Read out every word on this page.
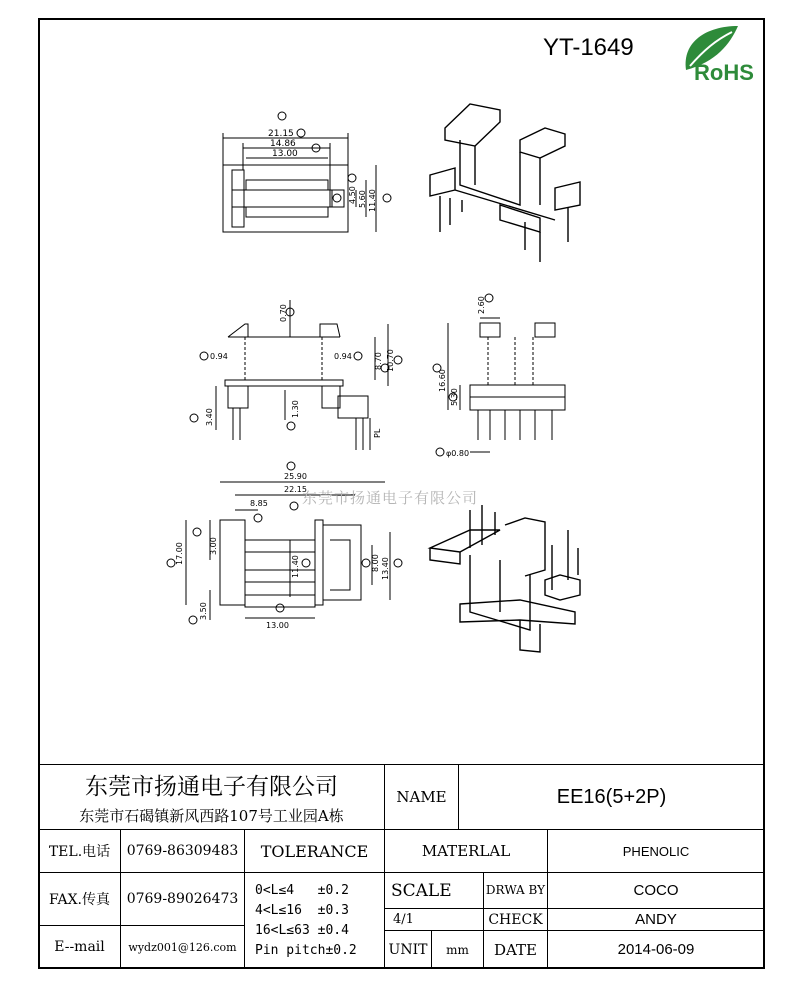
YT-1649
RoHS
21.15
14.86
13.00
4.50 5.60 11.40
0.70
0.94	0.94	8.70 10.70
3.40	1.30
PL
2.60
16.60
5.30
φ0.80
25.90
22.15
8.85
3.00
17.00
3.50
11.40
13.00
8.00 13.40
东莞市扬通电子有限公司
东莞市扬通电子有限公司
东莞市石碣镇新风西路107号工业园A栋
NAME	EE16(5+2P)
TEL.电话	0769-86309483	TOLERANCE	MATERLAL	PHENOLIC
FAX.传真	0769-89026473
0<L≤4   ±0.2
4<L≤16  ±0.3
16<L≤63 ±0.4
Pin pitch±0.2
SCALE	DRWA BY	COCO
4/1	CHECK	ANDY
E--mail	wydz001@126.com	UNIT	mm	DATE	2014-06-09
